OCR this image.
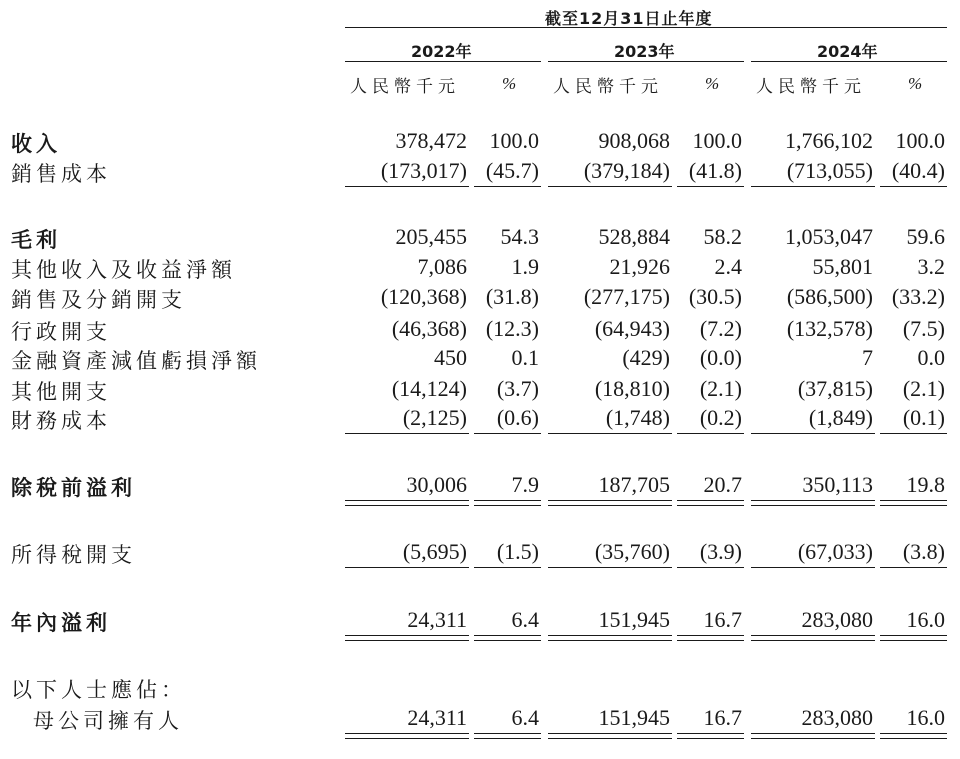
截至12月31日止年度
2022年
人民幣千元 %
2023年
人民幣千元 %
2024年
人民幣千元 %
收入	378,472 100.0	908,068 100.0 1,766,102 100.0
銷售成本	(173,017) (45.7) (379,184) (41.8) (713,055) (40.4)
毛利	205,455 54.3	528,884 58.2 1,053,047 59.6
其他收入及收益淨額	7,086 1.9	21,926 2.4	55,801 3.2
銷售及分銷開支	(120,368) (31.8) (277,175) (30.5) (586,500) (33.2)
行政開支	(46,368) (12.3)	(64,943) (7.2) (132,578) (7.5)
金融資產減值虧損淨額	450 0.1	(429) (0.0)	7 0.0
其他開支	(14,124) (3.7)	(18,810) (2.1)	(37,815) (2.1)
財務成本	(2,125) (0.6)	(1,748) (0.2)	(1,849) (0.1)
除稅前溢利	30,006 7.9	187,705 20.7	350,113 19.8
所得稅開支	(5,695) (1.5)	(35,760) (3.9)	(67,033) (3.8)
年內溢利	24,311 6.4	151,945 16.7	283,080 16.0
以下人士應佔：
母公司擁有人	24,311 6.4	151,945 16.7	283,080 16.0
